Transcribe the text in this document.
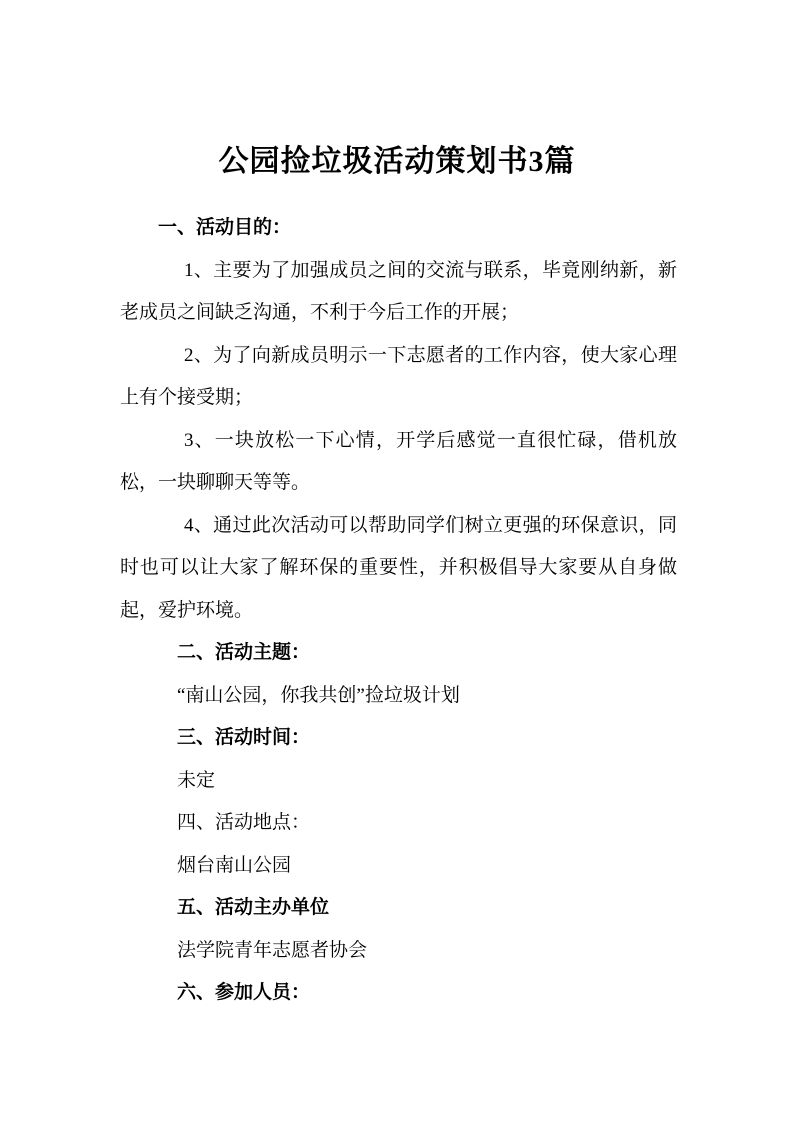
公园捡垃圾活动策划书3篇

一、活动目的：

1、主要为了加强成员之间的交流与联系，毕竟刚纳新，新老成员之间缺乏沟通，不利于今后工作的开展；

2、为了向新成员明示一下志愿者的工作内容，使大家心理上有个接受期；

3、一块放松一下心情，开学后感觉一直很忙碌，借机放松，一块聊聊天等等。

4、通过此次活动可以帮助同学们树立更强的环保意识，同时也可以让大家了解环保的重要性，并积极倡导大家要从自身做起，爱护环境。

二、活动主题：

“南山公园，你我共创”捡垃圾计划

三、活动时间：

未定

四、活动地点：

烟台南山公园

五、活动主办单位

法学院青年志愿者协会

六、参加人员：
